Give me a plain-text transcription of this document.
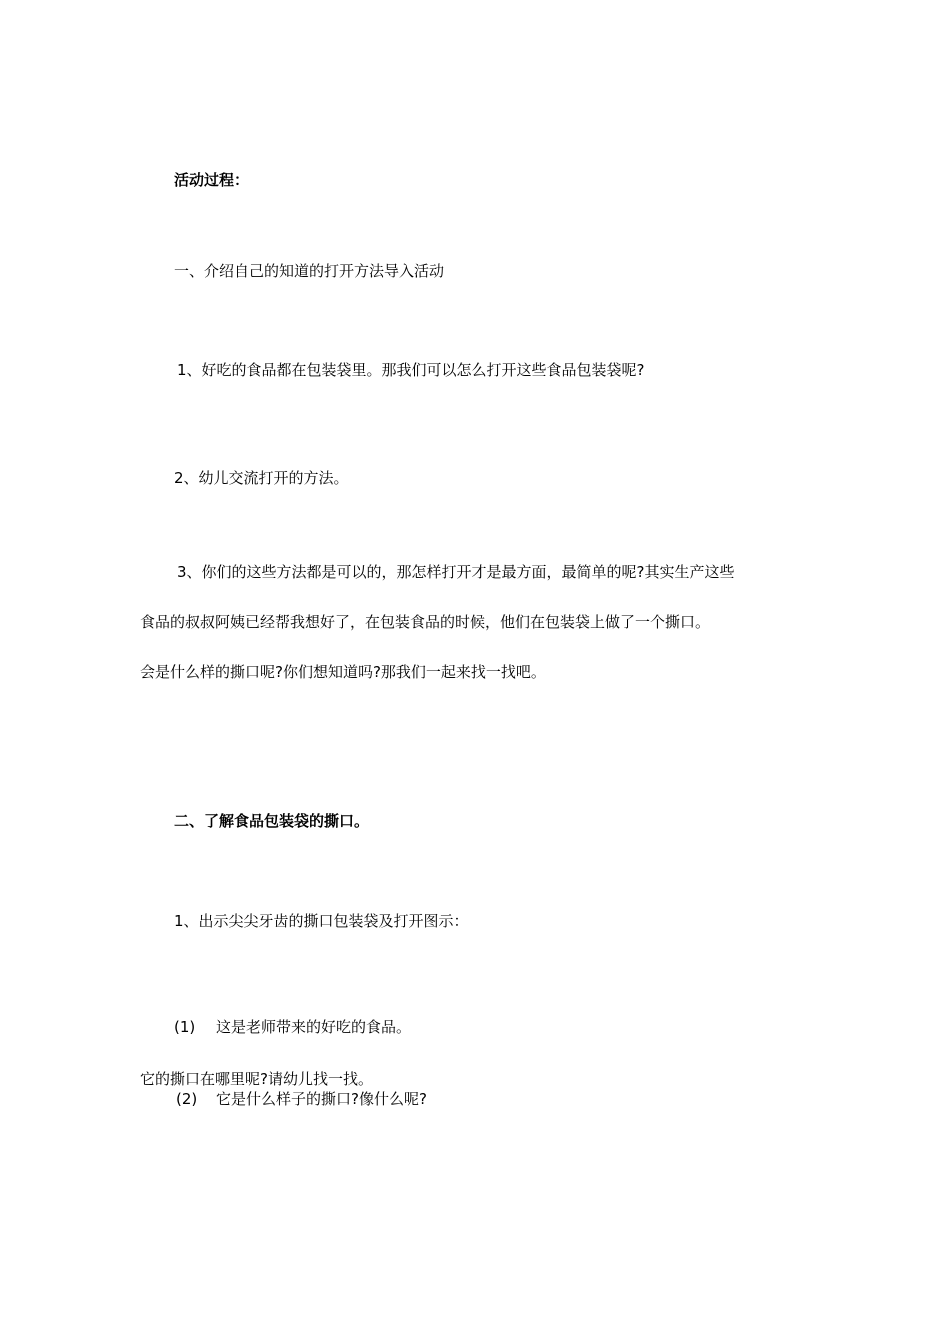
活动过程：
一、介绍自己的知道的打开方法导入活动
1、好吃的食品都在包装袋里。那我们可以怎么打开这些食品包装袋呢?
2、幼儿交流打开的方法。
3、你们的这些方法都是可以的，那怎样打开才是最方面，最简单的呢?其实生产这些
食品的叔叔阿姨已经帮我想好了，在包装食品的时候，他们在包装袋上做了一个撕口。
会是什么样的撕口呢?你们想知道吗?那我们一起来找一找吧。
二、了解食品包装袋的撕口。
1、出示尖尖牙齿的撕口包装袋及打开图示：
(1) 这是老师带来的好吃的食品。
它的撕口在哪里呢?请幼儿找一找。
(2) 它是什么样子的撕口?像什么呢?
